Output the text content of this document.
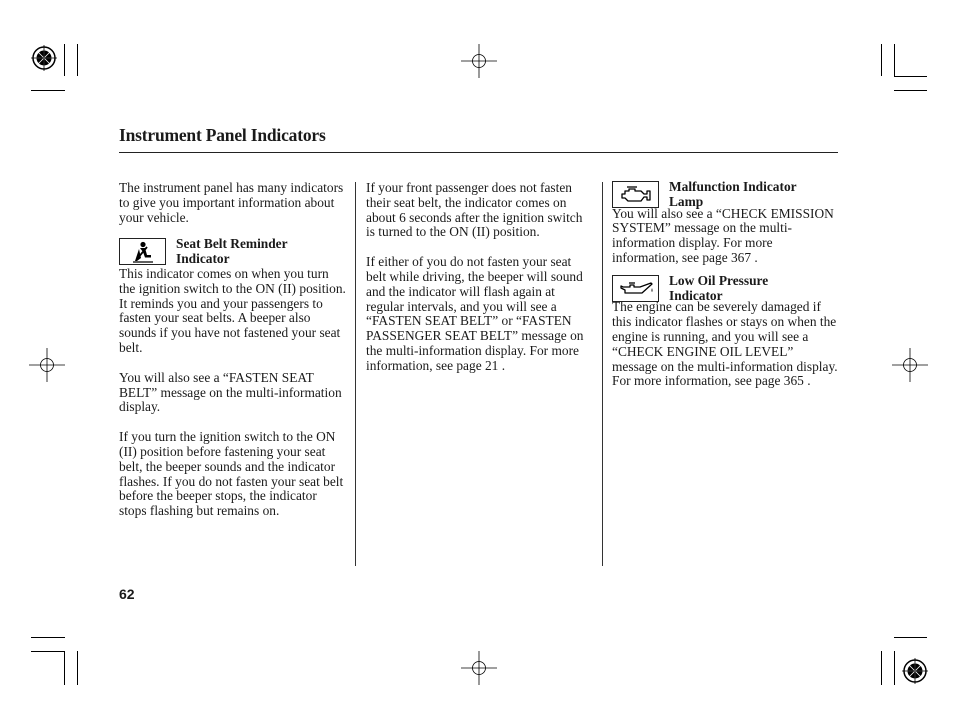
Instrument Panel Indicators

The instrument panel has many indicators to give you important information about your vehicle.

Seat Belt Reminder
Indicator

This indicator comes on when you turn the ignition switch to the ON (II) position. It reminds you and your passengers to fasten your seat belts. A beeper also sounds if you have not fastened your seat belt.

You will also see a “FASTEN SEAT BELT” message on the multi-information display.

If you turn the ignition switch to the ON (II) position before fastening your seat belt, the beeper sounds and the indicator flashes. If you do not fasten your seat belt before the beeper stops, the indicator stops flashing but remains on.

If your front passenger does not fasten their seat belt, the indicator comes on about 6 seconds after the ignition switch is turned to the ON (II) position.

If either of you do not fasten your seat belt while driving, the beeper will sound and the indicator will flash again at regular intervals, and you will see a “FASTEN SEAT BELT” or “FASTEN PASSENGER SEAT BELT” message on the multi-information display. For more information, see page 21 .

Malfunction Indicator
Lamp

You will also see a “CHECK EMISSION SYSTEM” message on the multi-information display. For more information, see page 367 .

Low Oil Pressure
Indicator

The engine can be severely damaged if this indicator flashes or stays on when the engine is running, and you will see a “CHECK ENGINE OIL LEVEL” message on the multi-information display. For more information, see page 365 .

62
